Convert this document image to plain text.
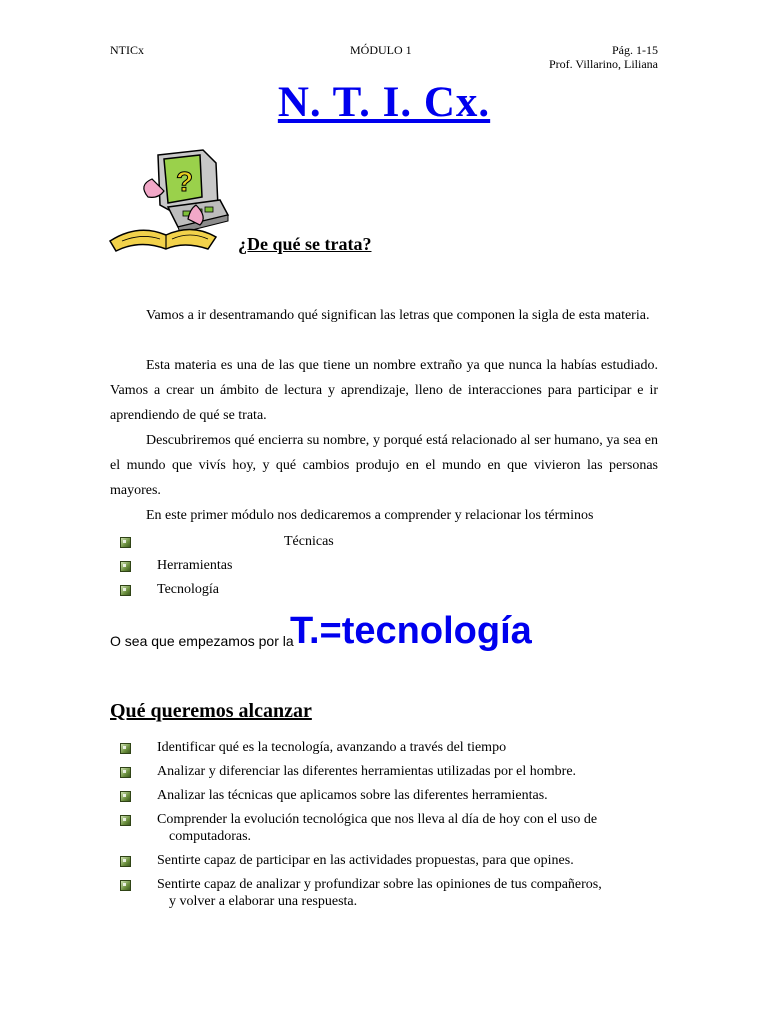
NTICx	MÓDULO 1	Pág. 1-15
Prof. Villarino, Liliana
N. T. I. Cx.
?
¿De qué se trata?
Vamos a ir desentramando qué significan las letras que componen la sigla de esta materia.
Esta materia es una de las que tiene un nombre extraño ya que nunca la habías estudiado. Vamos a crear un ámbito de lectura y aprendizaje, lleno de interacciones para participar e ir aprendiendo de qué se trata.
Descubriremos qué encierra su nombre, y porqué está relacionado al ser humano, ya sea en el mundo que vivís hoy, y qué cambios produjo en el mundo en que vivieron las personas mayores.
En este primer módulo nos dedicaremos a comprender y relacionar los términos
Técnicas
Herramientas
Tecnología
O sea que empezamos por la
T.=tecnología
Qué queremos alcanzar
Identificar qué es la tecnología, avanzando a través del tiempo
Analizar y diferenciar las diferentes herramientas utilizadas por el hombre.
Analizar las técnicas que aplicamos sobre las diferentes herramientas.
Comprender la evolución tecnológica que nos lleva al día de hoy con el uso de
computadoras.
Sentirte capaz de participar en las actividades propuestas, para que opines.
Sentirte capaz de analizar y profundizar sobre las opiniones de tus compañeros,
y volver a elaborar una respuesta.
